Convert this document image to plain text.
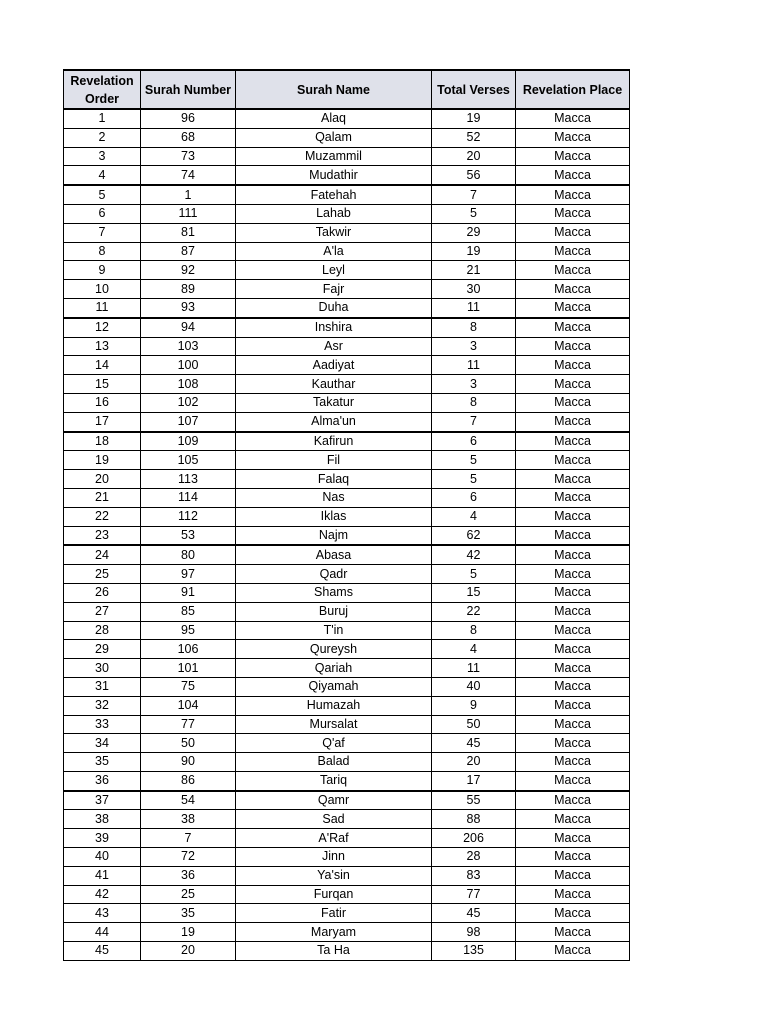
Revelation Order	Surah Number	Surah Name	Total Verses	Revelation Place
1	96	Alaq	19	Macca
2	68	Qalam	52	Macca
3	73	Muzammil	20	Macca
4	74	Mudathir	56	Macca
5	1	Fatehah	7	Macca
6	111	Lahab	5	Macca
7	81	Takwir	29	Macca
8	87	A'la	19	Macca
9	92	Leyl	21	Macca
10	89	Fajr	30	Macca
11	93	Duha	11	Macca
12	94	Inshira	8	Macca
13	103	Asr	3	Macca
14	100	Aadiyat	11	Macca
15	108	Kauthar	3	Macca
16	102	Takatur	8	Macca
17	107	Alma'un	7	Macca
18	109	Kafirun	6	Macca
19	105	Fil	5	Macca
20	113	Falaq	5	Macca
21	114	Nas	6	Macca
22	112	Iklas	4	Macca
23	53	Najm	62	Macca
24	80	Abasa	42	Macca
25	97	Qadr	5	Macca
26	91	Shams	15	Macca
27	85	Buruj	22	Macca
28	95	T'in	8	Macca
29	106	Qureysh	4	Macca
30	101	Qariah	11	Macca
31	75	Qiyamah	40	Macca
32	104	Humazah	9	Macca
33	77	Mursalat	50	Macca
34	50	Q'af	45	Macca
35	90	Balad	20	Macca
36	86	Tariq	17	Macca
37	54	Qamr	55	Macca
38	38	Sad	88	Macca
39	7	A'Raf	206	Macca
40	72	Jinn	28	Macca
41	36	Ya'sin	83	Macca
42	25	Furqan	77	Macca
43	35	Fatir	45	Macca
44	19	Maryam	98	Macca
45	20	Ta Ha	135	Macca
